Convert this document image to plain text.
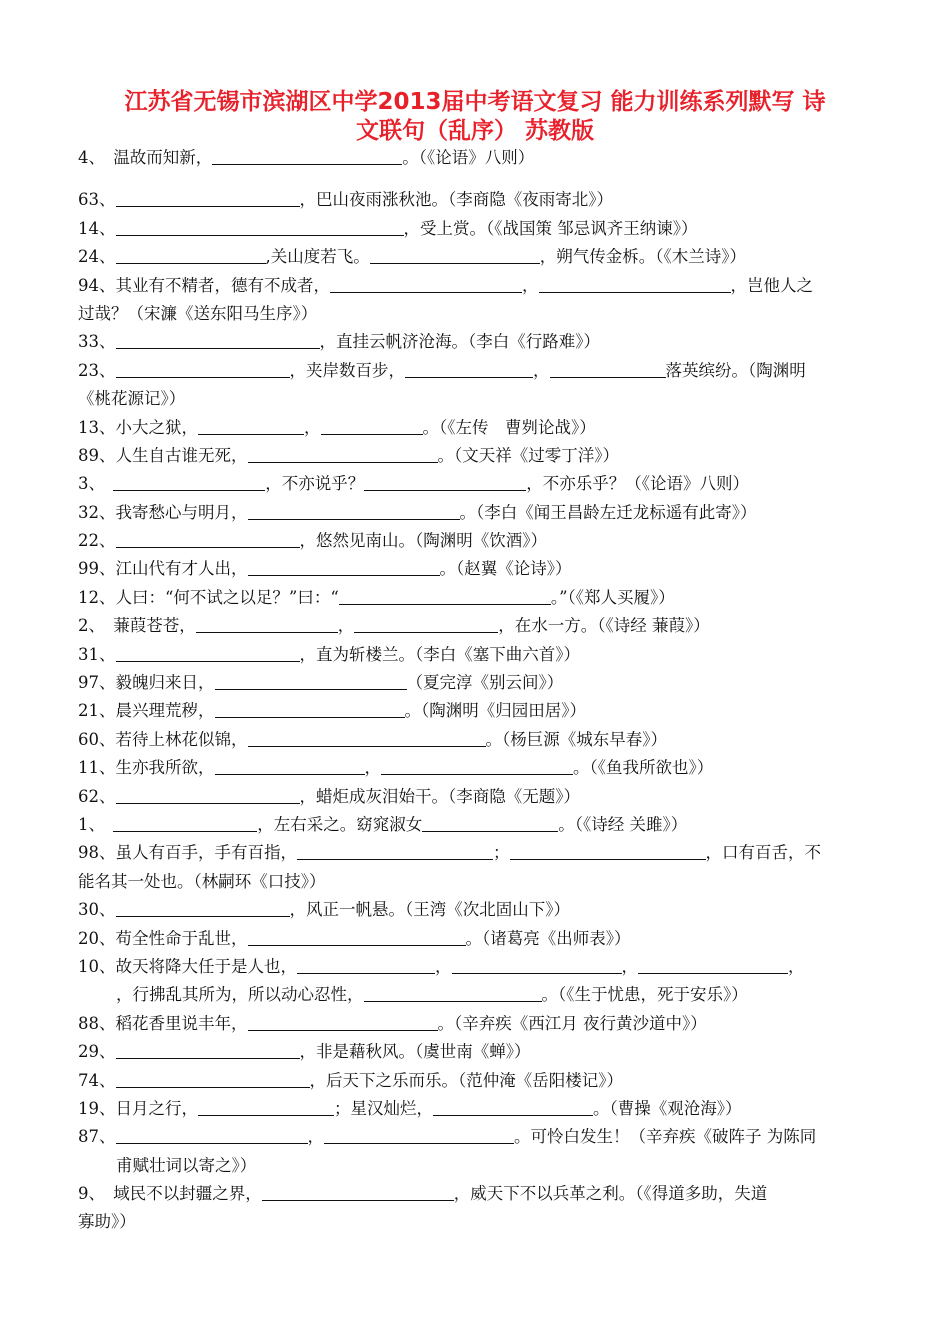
江苏省无锡市滨湖区中学2013届中考语文复习 能力训练系列默写 诗
文联句（乱序） 苏教版
4、　温故而知新，	。（《论语》八则）
63、	，巴山夜雨涨秋池。（李商隐《夜雨寄北》）
14、	，受上赏。（《战国策 邹忌讽齐王纳谏》）
24、	,关山度若飞。	，朔气传金柝。（《木兰诗》）
94、其业有不精者，德有不成者，	，	，岂他人之
过哉？（宋濂《送东阳马生序》）
33、	，直挂云帆济沧海。（李白《行路难》）
23、	，夹岸数百步，	，	落英缤纷。（陶渊明
《桃花源记》）
13、小大之狱，	，	。（《左传　曹刿论战》）
89、人生自古谁无死，	。（文天祥《过零丁洋》）
3、　	，不亦说乎？	，不亦乐乎？（《论语》八则）
32、我寄愁心与明月，	。（李白《闻王昌龄左迁龙标遥有此寄》）
22、	，悠然见南山。（陶渊明《饮酒》）
99、江山代有才人出，	。（赵翼《论诗》）
12、人曰：“何不试之以足？”曰：“	。”（《郑人买履》）
2、　蒹葭苍苍，	，	，在水一方。（《诗经 蒹葭》）
31、	，直为斩楼兰。（李白《塞下曲六首》）
97、毅魄归来日，	（夏完淳《别云间》）
21、晨兴理荒秽，	。（陶渊明《归园田居》）
60、若待上林花似锦，	。（杨巨源《城东早春》）
11、生亦我所欲，	，	。（《鱼我所欲也》）
62、	，蜡炬成灰泪始干。（李商隐《无题》）
1、　	，左右采之。窈窕淑女	。（《诗经 关雎》）
98、虽人有百手，手有百指，	；	，口有百舌，不
能名其一处也。（林嗣环《口技》）
30、	，风正一帆悬。（王湾《次北固山下》）
20、苟全性命于乱世，	。（诸葛亮《出师表》）
10、故天将降大任于是人也，	，	，	，
，行拂乱其所为，所以动心忍性，	。（《生于忧患，死于安乐》）
88、稻花香里说丰年，	。（辛弃疾《西江月 夜行黄沙道中》）
29、	，非是藉秋风。（虞世南《蝉》）
74、	，后天下之乐而乐。（范仲淹《岳阳楼记》）
19、日月之行，	；星汉灿烂，	。（曹操《观沧海》）
87、	，	。可怜白发生！（辛弃疾《破阵子 为陈同
甫赋壮词以寄之》）
9、　域民不以封疆之界，	，威天下不以兵革之利。（《得道多助，失道
寡助》）
